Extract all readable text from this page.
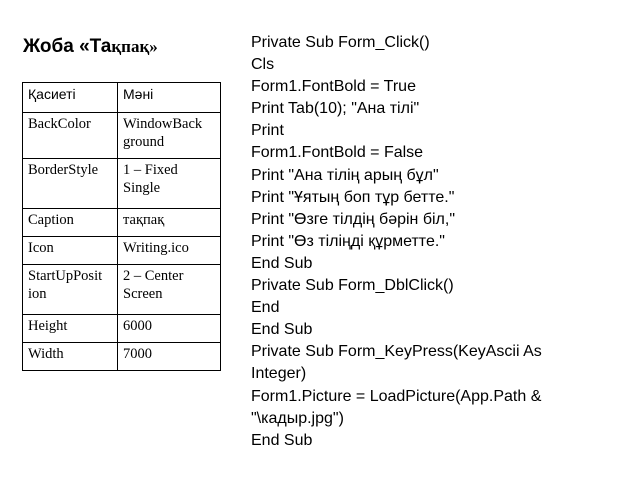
Жоба «Тақпақ»
Қасиеті	Мәні
BackColor	WindowBack ground
BorderStyle	1 – Fixed Single
Caption	тақпақ
Icon	Writing.ico
StartUpPosit ion	2 – Center Screen
Height	6000
Width	7000
Private Sub Form_Click()
Cls
Form1.FontBold = True
Print Tab(10); "Ана тілі"
Print
Form1.FontBold = False
Print "Ана тілің арың бұл"
Print "Ұятың боп тұр бетте."
Print "Өзге тілдің бәрін біл,"
Print "Өз тіліңді құрметте."
End Sub
Private Sub Form_DblClick()
End
End Sub
Private Sub Form_KeyPress(KeyAscii As
Integer)
Form1.Picture = LoadPicture(App.Path &
"\кадыр.jpg")
End Sub
